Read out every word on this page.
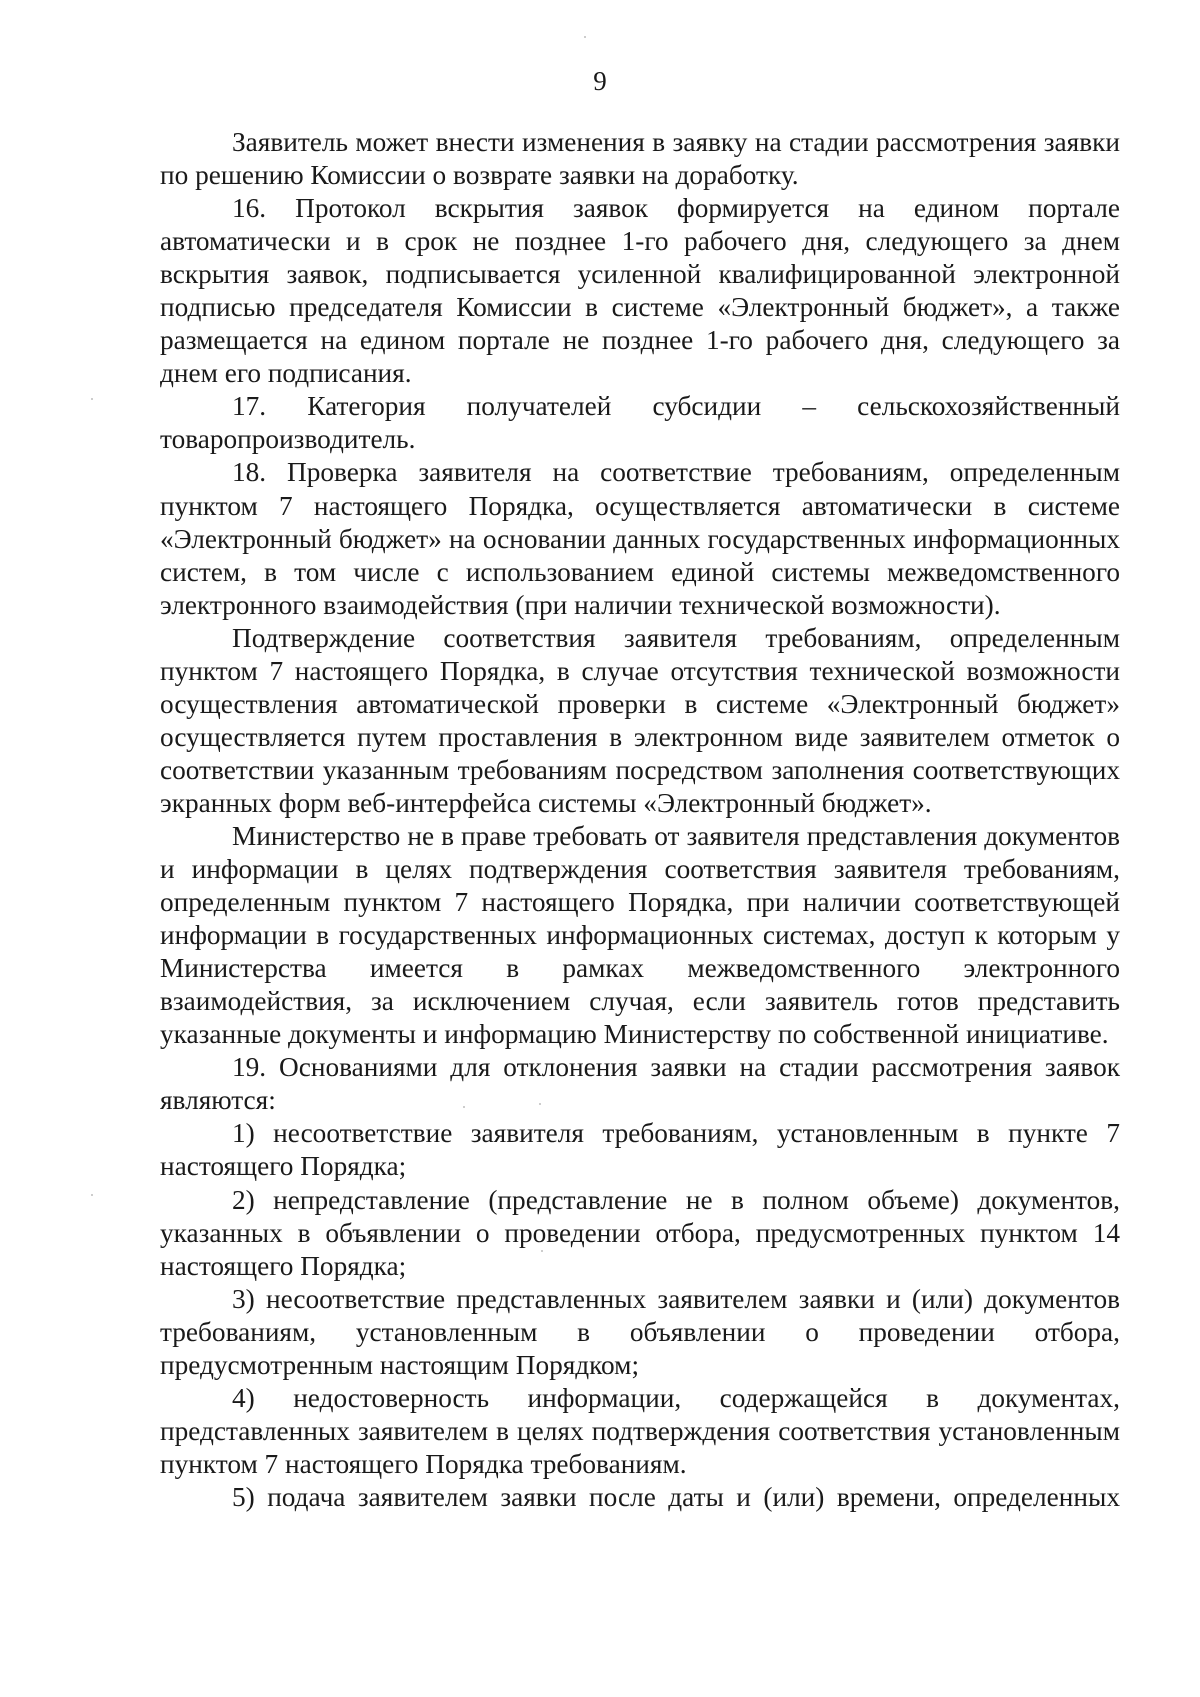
9

Заявитель может внести изменения в заявку на стадии рассмотрения заявки по решению Комиссии о возврате заявки на доработку.

16. Протокол вскрытия заявок формируется на едином портале автоматически и в срок не позднее 1-го рабочего дня, следующего за днем вскрытия заявок, подписывается усиленной квалифицированной электронной подписью председателя Комиссии в системе «Электронный бюджет», а также размещается на едином портале не позднее 1-го рабочего дня, следующего за днем его подписания.

17. Категория получателей субсидии – сельскохозяйственный товаропроизводитель.

18. Проверка заявителя на соответствие требованиям, определенным пунктом 7 настоящего Порядка, осуществляется автоматически в системе «Электронный бюджет» на основании данных государственных информационных систем, в том числе с использованием единой системы межведомственного электронного взаимодействия (при наличии технической возможности).

Подтверждение соответствия заявителя требованиям, определенным пунктом 7 настоящего Порядка, в случае отсутствия технической возможности осуществления автоматической проверки в системе «Электронный бюджет» осуществляется путем проставления в электронном виде заявителем отметок о соответствии указанным требованиям посредством заполнения соответствующих экранных форм веб-интерфейса системы «Электронный бюджет».

Министерство не в праве требовать от заявителя представления документов и информации в целях подтверждения соответствия заявителя требованиям, определенным пунктом 7 настоящего Порядка, при наличии соответствующей информации в государственных информационных системах, доступ к которым у Министерства имеется в рамках межведомственного электронного взаимодействия, за исключением случая, если заявитель готов представить указанные документы и информацию Министерству по собственной инициативе.

19. Основаниями для отклонения заявки на стадии рассмотрения заявок являются:

1) несоответствие заявителя требованиям, установленным в пункте 7 настоящего Порядка;

2) непредставление (представление не в полном объеме) документов, указанных в объявлении о проведении отбора, предусмотренных пунктом 14 настоящего Порядка;

3) несоответствие представленных заявителем заявки и (или) документов требованиям, установленным в объявлении о проведении отбора, предусмотренным настоящим Порядком;

4) недостоверность информации, содержащейся в документах, представленных заявителем в целях подтверждения соответствия установленным пунктом 7 настоящего Порядка требованиям.

5) подача заявителем заявки после даты и (или) времени, определенных
